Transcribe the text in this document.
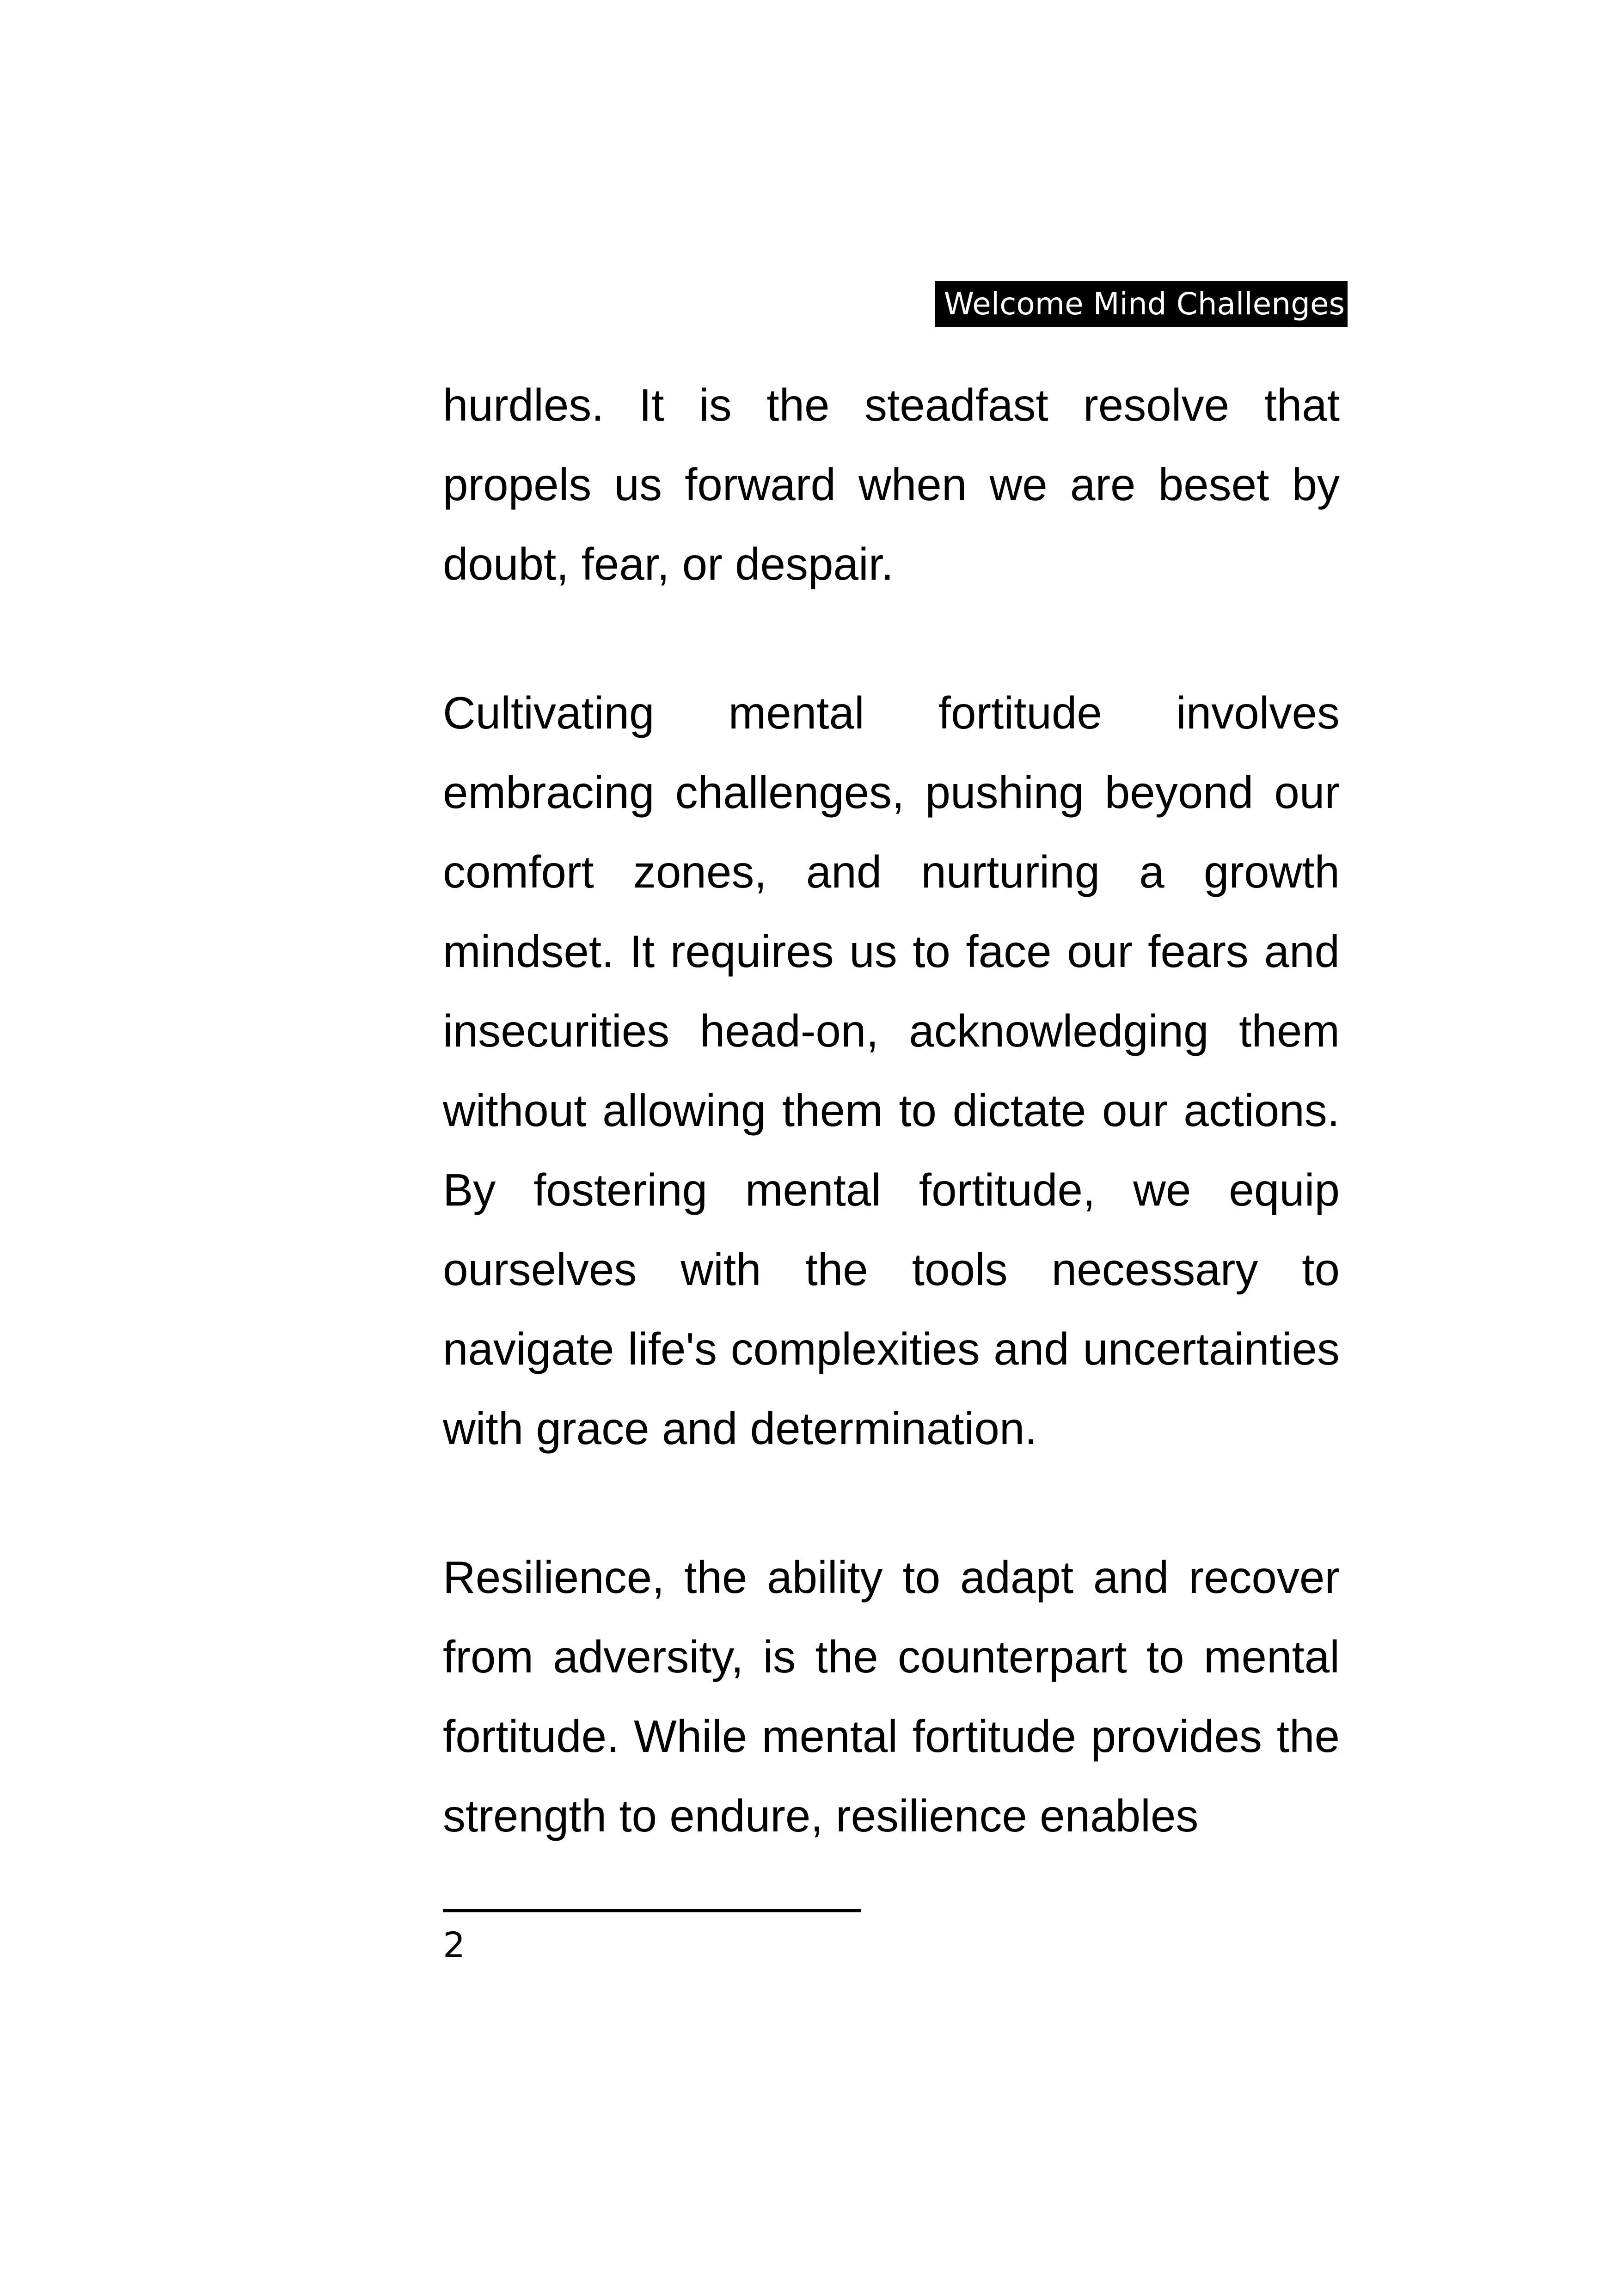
Welcome Mind Challenges

hurdles. It is the steadfast resolve that propels us forward when we are beset by doubt, fear, or despair.

Cultivating mental fortitude involves embracing challenges, pushing beyond our comfort zones, and nurturing a growth mindset. It requires us to face our fears and insecurities head-on, acknowledging them without allowing them to dictate our actions. By fostering mental fortitude, we equip ourselves with the tools necessary to navigate life's complexities and uncertainties with grace and determination.

Resilience, the ability to adapt and recover from adversity, is the counterpart to mental fortitude. While mental fortitude provides the strength to endure, resilience enables

2
